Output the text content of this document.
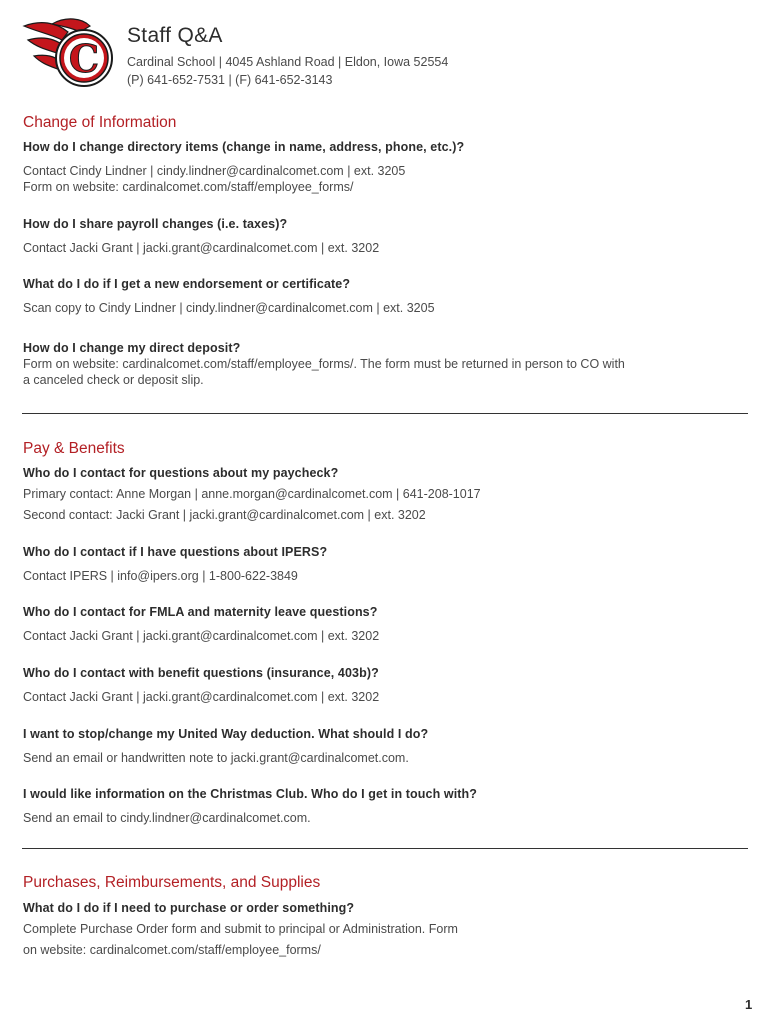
C
Staff Q&A
Cardinal School | 4045 Ashland Road | Eldon, Iowa 52554
(P) 641-652-7531 | (F) 641-652-3143
Change of Information
How do I change directory items (change in name, address, phone, etc.)?
Contact Cindy Lindner | cindy.lindner@cardinalcomet.com | ext. 3205
Form on website: cardinalcomet.com/staff/employee_forms/
How do I share payroll changes (i.e. taxes)?
Contact Jacki Grant | jacki.grant@cardinalcomet.com | ext. 3202
What do I do if I get a new endorsement or certificate?
Scan copy to Cindy Lindner | cindy.lindner@cardinalcomet.com | ext. 3205
How do I change my direct deposit?
Form on website: cardinalcomet.com/staff/employee_forms/. The form must be returned in person to CO with
a canceled check or deposit slip.
Pay & Benefits
Who do I contact for questions about my paycheck?
Primary contact: Anne Morgan | anne.morgan@cardinalcomet.com | 641-208-1017
Second contact: Jacki Grant | jacki.grant@cardinalcomet.com | ext. 3202
Who do I contact if I have questions about IPERS?
Contact IPERS | info@ipers.org | 1-800-622-3849
Who do I contact for FMLA and maternity leave questions?
Contact Jacki Grant | jacki.grant@cardinalcomet.com | ext. 3202
Who do I contact with benefit questions (insurance, 403b)?
Contact Jacki Grant | jacki.grant@cardinalcomet.com | ext. 3202
I want to stop/change my United Way deduction. What should I do?
Send an email or handwritten note to jacki.grant@cardinalcomet.com.
I would like information on the Christmas Club. Who do I get in touch with?
Send an email to cindy.lindner@cardinalcomet.com.
Purchases, Reimbursements, and Supplies
What do I do if I need to purchase or order something?
Complete Purchase Order form and submit to principal or Administration. Form
on website: cardinalcomet.com/staff/employee_forms/
1
